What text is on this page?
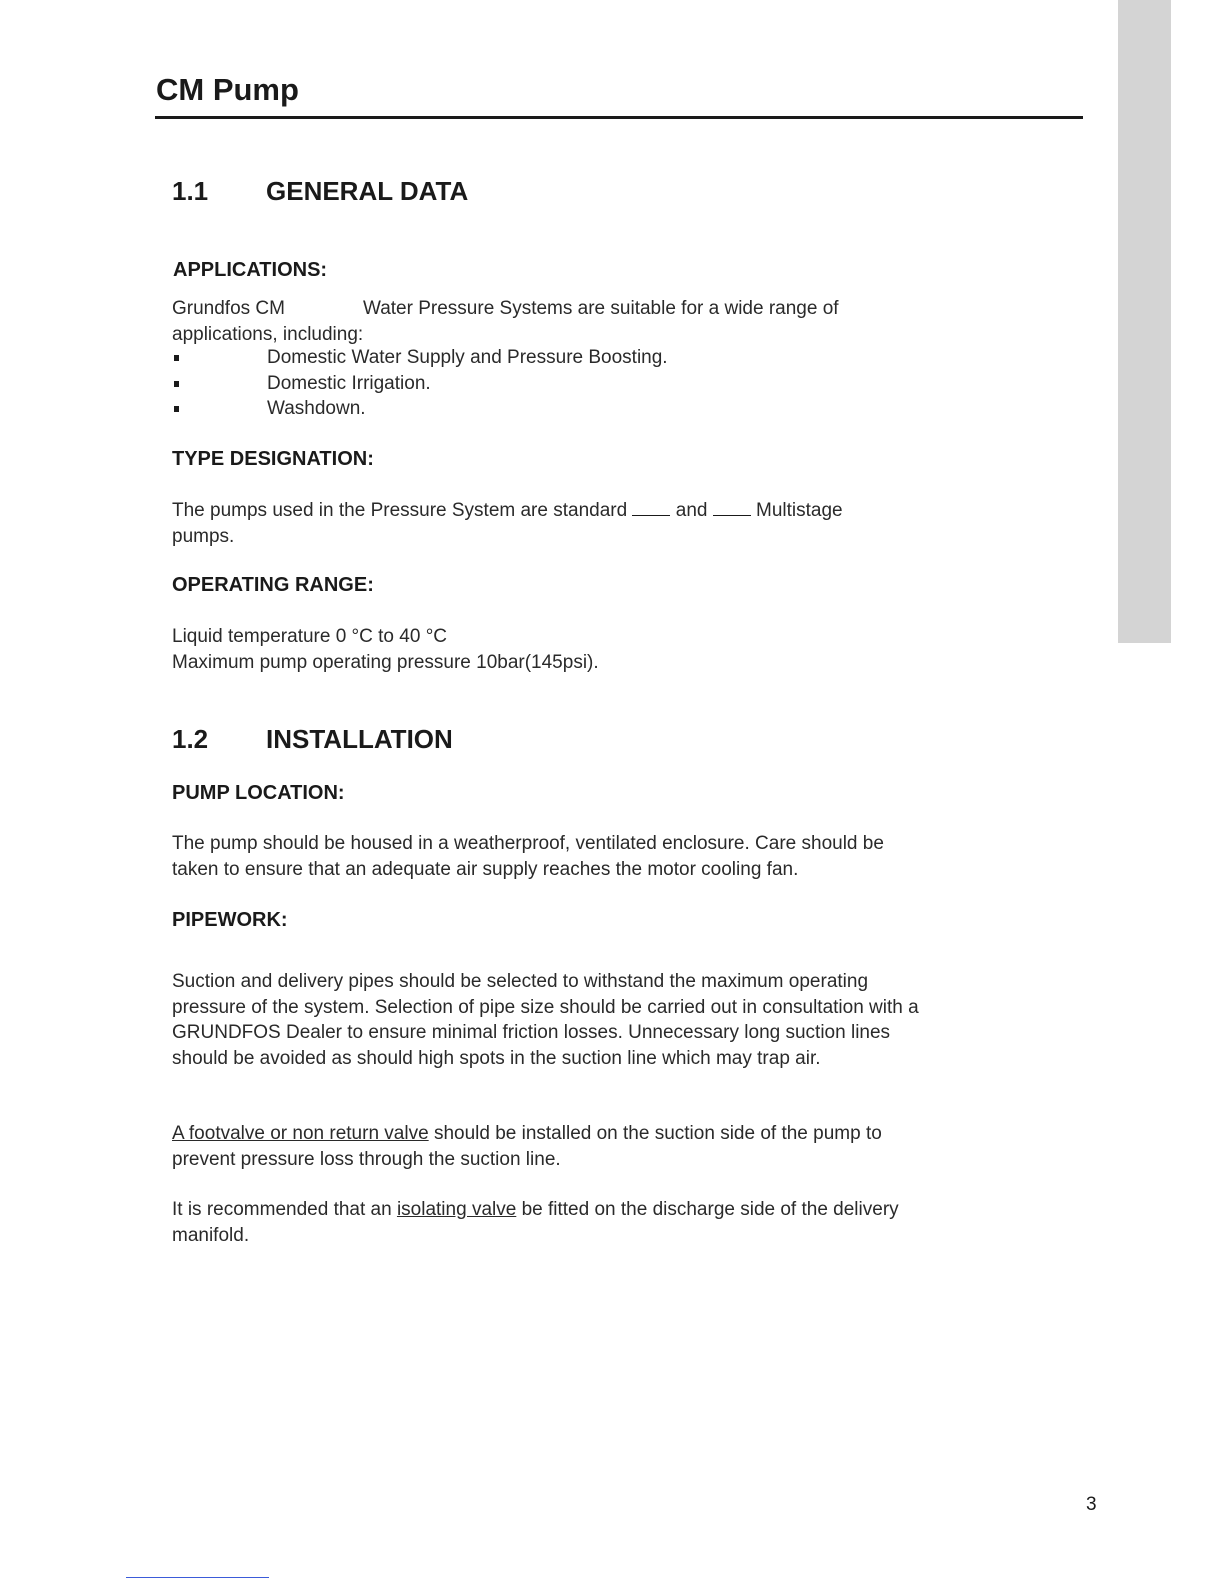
CM Pump
1.1 GENERAL DATA
APPLICATIONS:

Grundfos CM	Water Pressure Systems are suitable for a wide range of applications, including:

Domestic Water Supply and Pressure Boosting.
Domestic Irrigation.
Washdown.
TYPE DESIGNATION:

The pumps used in the Pressure System are standard	and	Multistage pumps.

OPERATING RANGE:

Liquid temperature 0 °C to 40 °C
Maximum pump operating pressure 10bar(145psi).

1.2 INSTALLATION
PUMP LOCATION:

The pump should be housed in a weatherproof, ventilated enclosure. Care should be taken to ensure that an adequate air supply reaches the motor cooling fan.

PIPEWORK:

Suction and delivery pipes should be selected to withstand the maximum operating pressure of the system. Selection of pipe size should be carried out in consultation with a GRUNDFOS Dealer to ensure minimal friction losses. Unnecessary long suction lines should be avoided as should high spots in the suction line which may trap air.

A footvalve or non return valve should be installed on the suction side of the pump to prevent pressure loss through the suction line.

It is recommended that an isolating valve be fitted on the discharge side of the delivery manifold.

3
